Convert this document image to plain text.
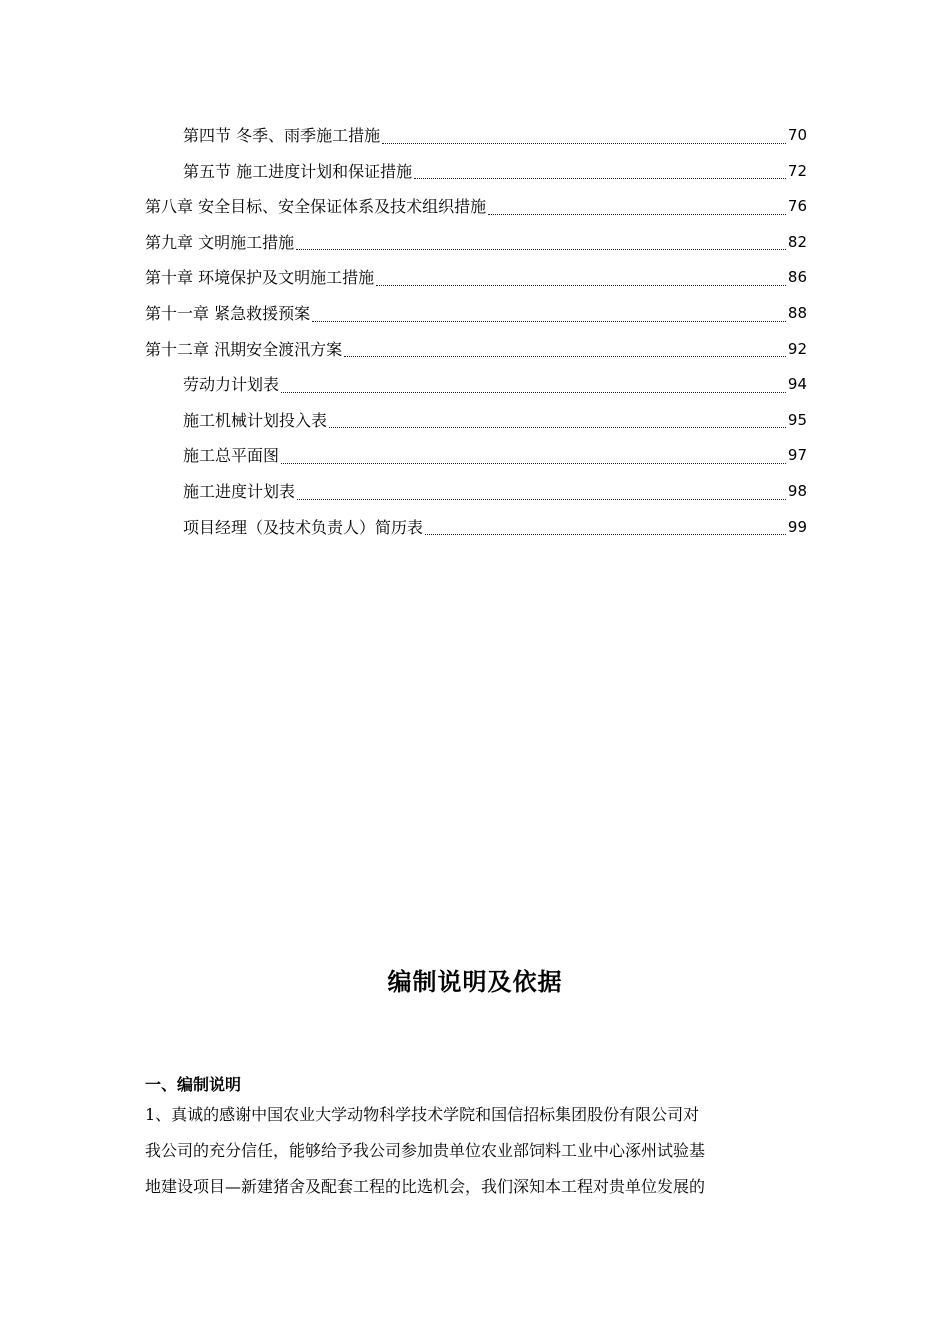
第四节 冬季、雨季施工措施	70
第五节 施工进度计划和保证措施	72
第八章 安全目标、安全保证体系及技术组织措施	76
第九章 文明施工措施	82
第十章 环境保护及文明施工措施	86
第十一章 紧急救援预案	88
第十二章 汛期安全渡汛方案	92
劳动力计划表	94
施工机械计划投入表	95
施工总平面图	97
施工进度计划表	98
项目经理（及技术负责人）简历表	99
编制说明及依据
一、编制说明
1、真诚的感谢中国农业大学动物科学技术学院和国信招标集团股份有限公司对
我公司的充分信任，能够给予我公司参加贵单位农业部饲料工业中心涿州试验基
地建设项目—新建猪舍及配套工程的比选机会，我们深知本工程对贵单位发展的
